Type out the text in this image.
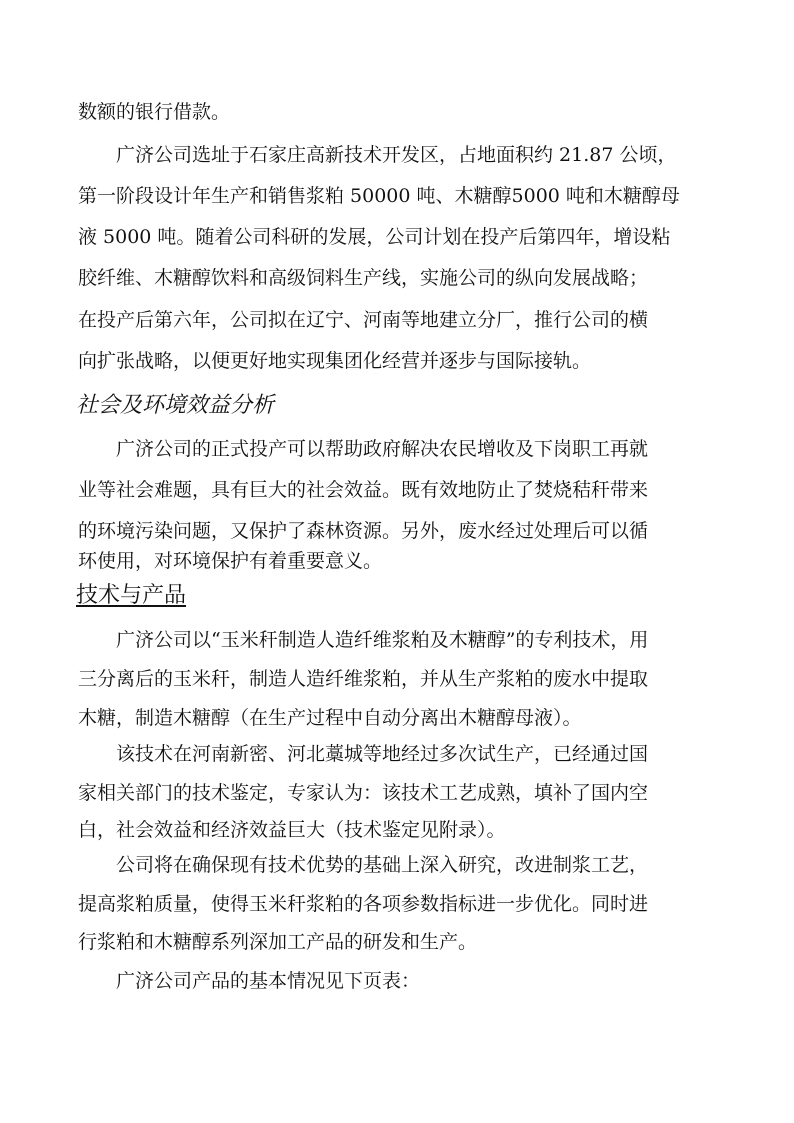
数额的银行借款。
广济公司选址于石家庄高新技术开发区，占地面积约 21.87 公顷，
第一阶段设计年生产和销售浆粕 50000 吨、木糖醇5000 吨和木糖醇母
液 5000 吨。随着公司科研的发展，公司计划在投产后第四年，增设粘
胶纤维、木糖醇饮料和高级饲料生产线，实施公司的纵向发展战略；
在投产后第六年，公司拟在辽宁、河南等地建立分厂，推行公司的横
向扩张战略，以便更好地实现集团化经营并逐步与国际接轨。
社会及环境效益分析
广济公司的正式投产可以帮助政府解决农民增收及下岗职工再就
业等社会难题，具有巨大的社会效益。既有效地防止了焚烧秸秆带来
的环境污染问题，又保护了森林资源。另外，废水经过处理后可以循
环使用，对环境保护有着重要意义。
技术与产品
广济公司以“玉米秆制造人造纤维浆粕及木糖醇”的专利技术，用
三分离后的玉米秆，制造人造纤维浆粕，并从生产浆粕的废水中提取
木糖，制造木糖醇（在生产过程中自动分离出木糖醇母液）。
该技术在河南新密、河北藁城等地经过多次试生产，已经通过国
家相关部门的技术鉴定，专家认为：该技术工艺成熟，填补了国内空
白，社会效益和经济效益巨大（技术鉴定见附录）。
公司将在确保现有技术优势的基础上深入研究，改进制浆工艺，
提高浆粕质量，使得玉米秆浆粕的各项参数指标进一步优化。同时进
行浆粕和木糖醇系列深加工产品的研发和生产。
广济公司产品的基本情况见下页表：
